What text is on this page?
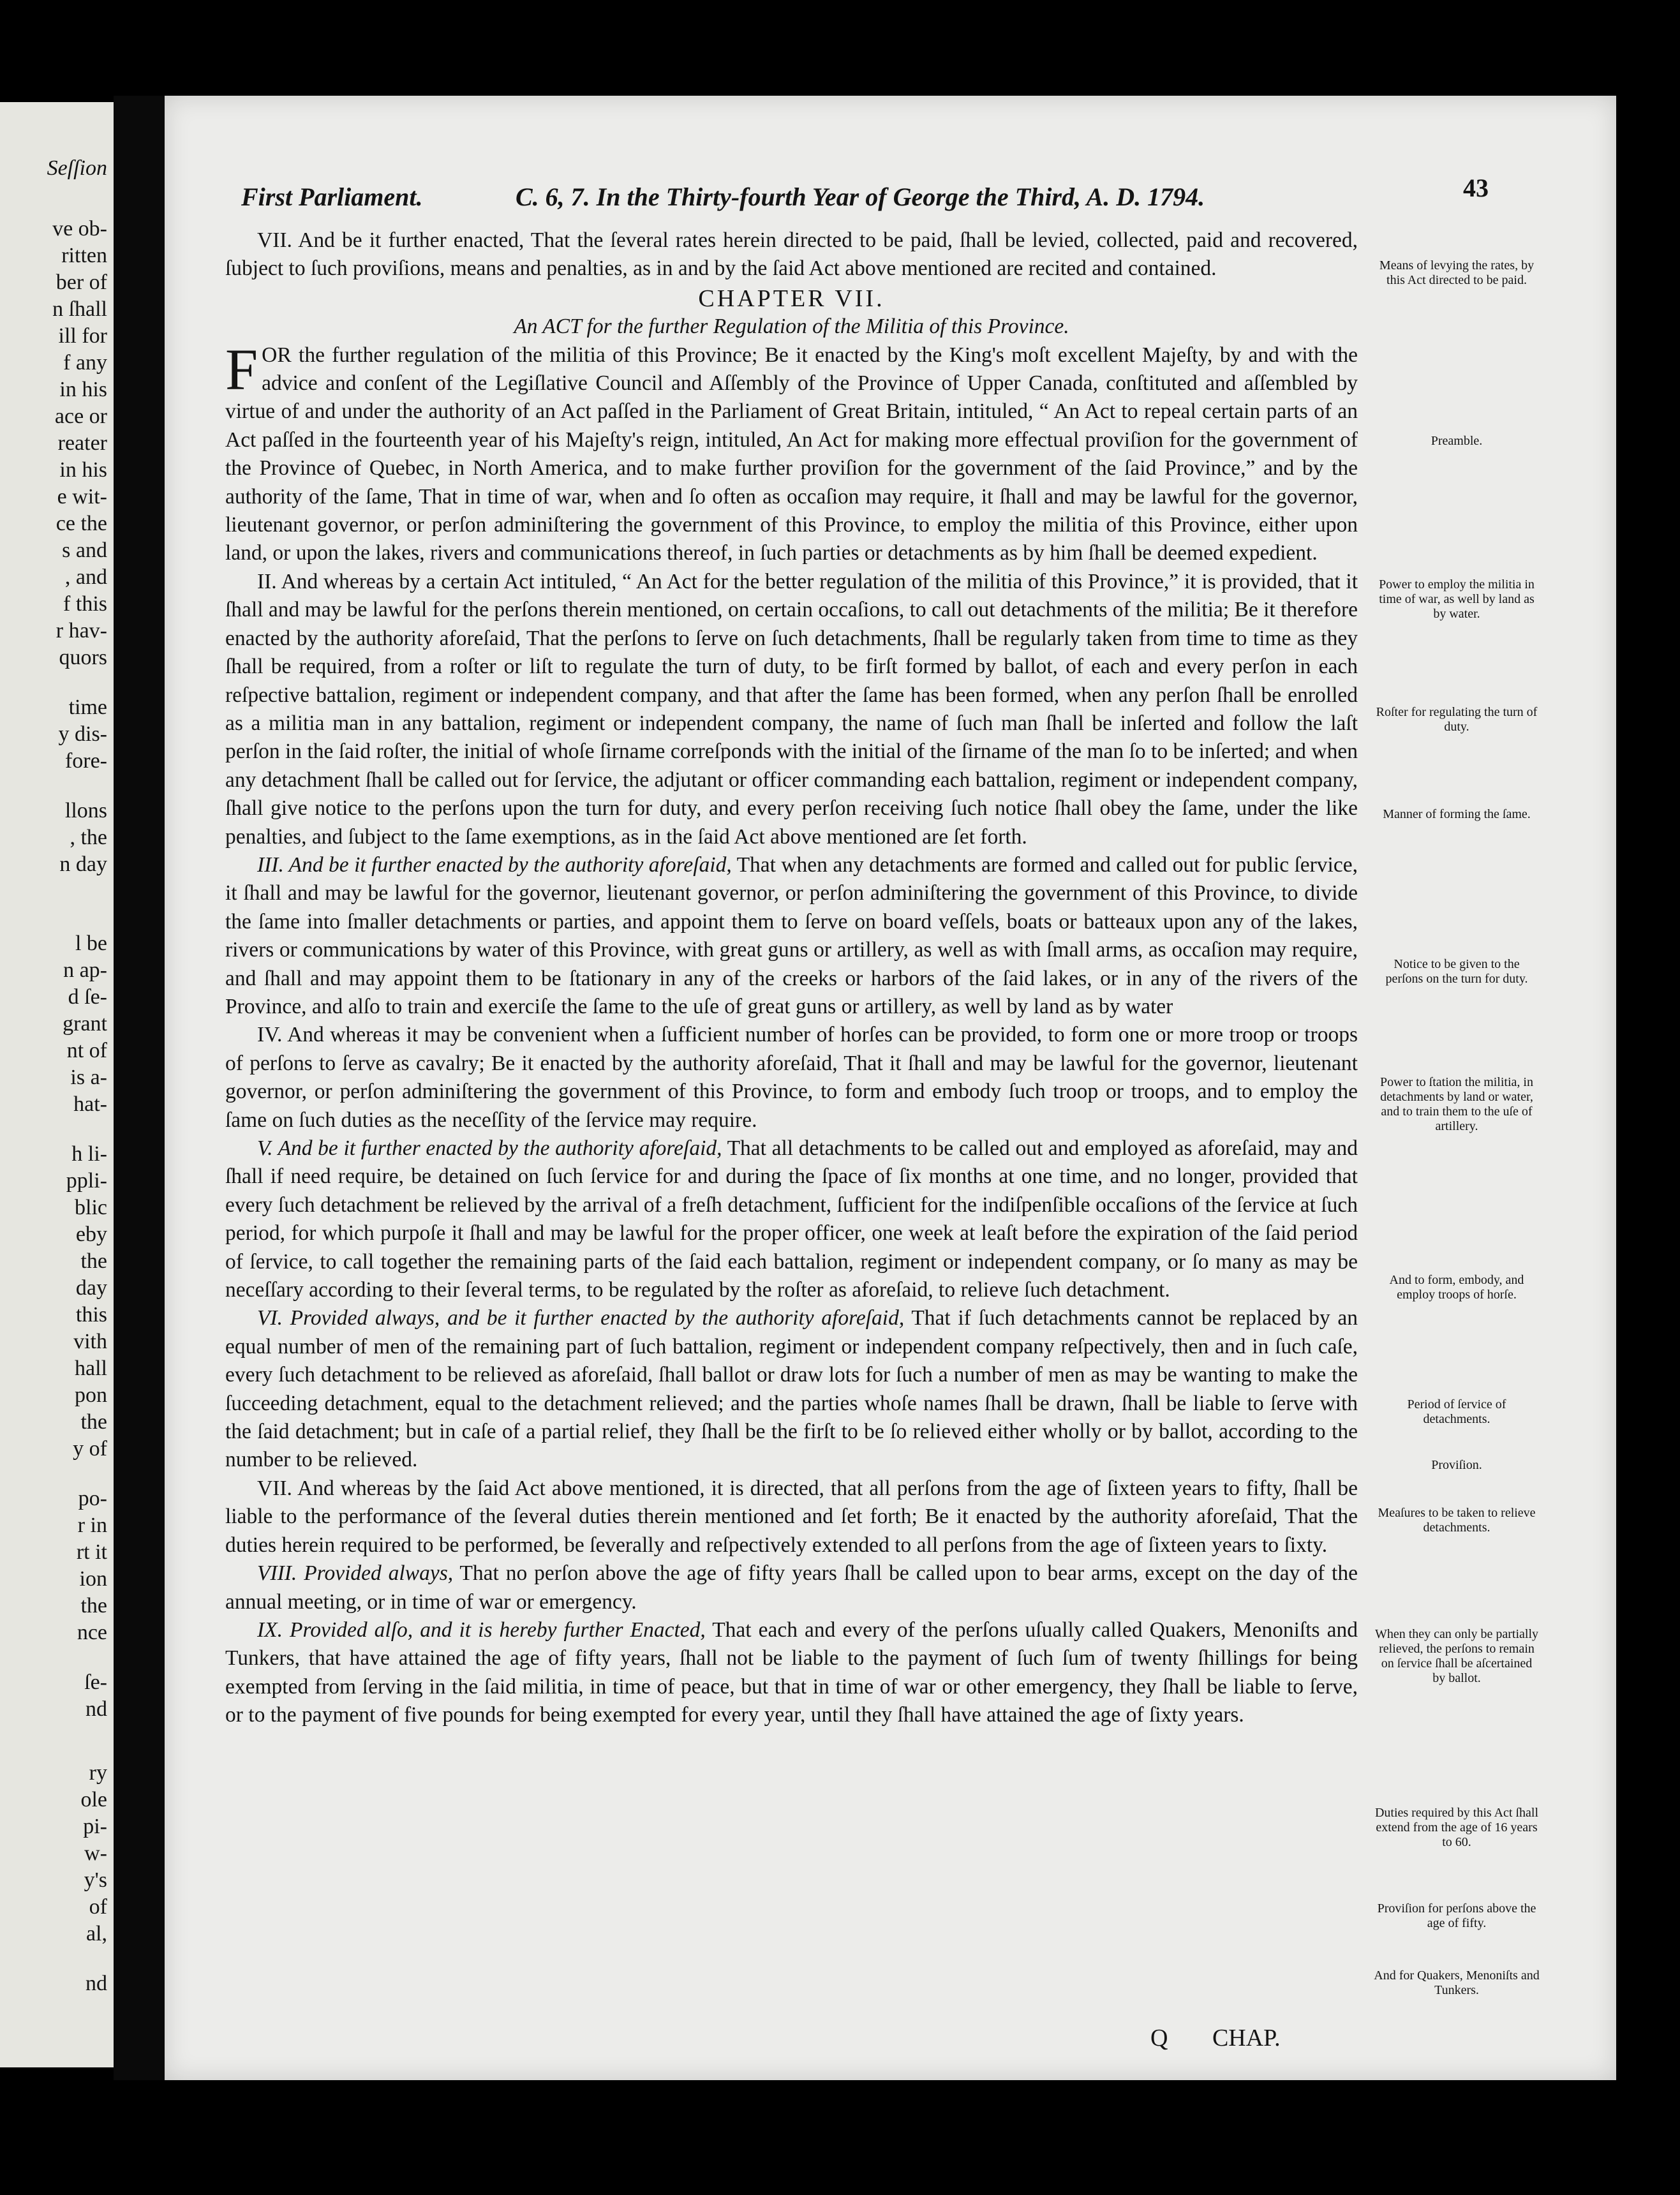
Seſſion
ve ob-
ritten
ber of
n ſhall
ill for
f any
in his
ace or
reater
in his
e wit-
ce the
s and
, and
f this
r hav-
quors
time
y dis-
fore-
llons
, the
n day
l be
n ap-
d ſe-
grant
nt of
is a-
hat-
h li-
ppli-
blic
eby
the
day
this
vith
hall
pon
the
y of
po-
r in
rt it
ion
the
nce
ſe-
nd
ry
ole
pi-
w-
y's
of
al,
nd
First Parliament.	C. 6, 7. In the Thirty-fourth Year of George the Third, A. D. 1794.	43

VII. And be it further enacted, That the ſeveral rates herein directed to be paid, ſhall be levied, collected, paid and recovered, ſubject to ſuch proviſions, means and penalties, as in and by the ſaid Act above mentioned are recited and contained.

CHAPTER VII.

An ACT for the further Regulation of the Militia of this Province.

FOR the further regulation of the militia of this Province; Be it enacted by the King's moſt excellent Majeſty, by and with the advice and conſent of the Legiſlative Council and Aſſembly of the Province of Upper Canada, conſtituted and aſſembled by virtue of and under the authority of an Act paſſed in the Parliament of Great Britain, intituled, “ An Act to repeal certain parts of an Act paſſed in the fourteenth year of his Majeſty's reign, intituled, An Act for making more effectual proviſion for the government of the Province of Quebec, in North America, and to make further proviſion for the government of the ſaid Province,” and by the authority of the ſame, That in time of war, when and ſo often as occaſion may require, it ſhall and may be lawful for the governor, lieutenant governor, or perſon adminiſtering the government of this Province, to employ the militia of this Province, either upon land, or upon the lakes, rivers and communications thereof, in ſuch parties or detachments as by him ſhall be deemed expedient.

II. And whereas by a certain Act intituled, “ An Act for the better regulation of the militia of this Province,” it is provided, that it ſhall and may be lawful for the perſons therein mentioned, on certain occaſions, to call out detachments of the militia; Be it therefore enacted by the authority aforeſaid, That the perſons to ſerve on ſuch detachments, ſhall be regularly taken from time to time as they ſhall be required, from a roſter or liſt to regulate the turn of duty, to be firſt formed by ballot, of each and every perſon in each reſpective battalion, regiment or independent company, and that after the ſame has been formed, when any perſon ſhall be enrolled as a militia man in any battalion, regiment or independent company, the name of ſuch man ſhall be inſerted and follow the laſt perſon in the ſaid roſter, the initial of whoſe ſirname correſponds with the initial of the ſirname of the man ſo to be inſerted; and when any detachment ſhall be called out for ſervice, the adjutant or officer commanding each battalion, regiment or independent company, ſhall give notice to the perſons upon the turn for duty, and every perſon receiving ſuch notice ſhall obey the ſame, under the like penalties, and ſubject to the ſame exemptions, as in the ſaid Act above mentioned are ſet forth.

III. And be it further enacted by the authority aforeſaid, That when any detachments are formed and called out for public ſervice, it ſhall and may be lawful for the governor, lieutenant governor, or perſon adminiſtering the government of this Province, to divide the ſame into ſmaller detachments or parties, and appoint them to ſerve on board veſſels, boats or batteaux upon any of the lakes, rivers or communications by water of this Province, with great guns or artillery, as well as with ſmall arms, as occaſion may require, and ſhall and may appoint them to be ſtationary in any of the creeks or harbors of the ſaid lakes, or in any of the rivers of the Province, and alſo to train and exerciſe the ſame to the uſe of great guns or artillery, as well by land as by water

IV. And whereas it may be convenient when a ſufficient number of horſes can be provided, to form one or more troop or troops of perſons to ſerve as cavalry; Be it enacted by the authority aforeſaid, That it ſhall and may be lawful for the governor, lieutenant governor, or perſon adminiſtering the government of this Province, to form and embody ſuch troop or troops, and to employ the ſame on ſuch duties as the neceſſity of the ſervice may require.

V. And be it further enacted by the authority aforeſaid, That all detachments to be called out and employed as aforeſaid, may and ſhall if need require, be detained on ſuch ſervice for and during the ſpace of ſix months at one time, and no longer, provided that every ſuch detachment be relieved by the arrival of a freſh detachment, ſufficient for the indiſpenſible occaſions of the ſervice at ſuch period, for which purpoſe it ſhall and may be lawful for the proper officer, one week at leaſt before the expiration of the ſaid period of ſervice, to call together the remaining parts of the ſaid each battalion, regiment or independent company, or ſo many as may be neceſſary according to their ſeveral terms, to be regulated by the roſter as aforeſaid, to relieve ſuch detachment.

VI. Provided always, and be it further enacted by the authority aforeſaid, That if ſuch detachments cannot be replaced by an equal number of men of the remaining part of ſuch battalion, regiment or independent company reſpectively, then and in ſuch caſe, every ſuch detachment to be relieved as aforeſaid, ſhall ballot or draw lots for ſuch a number of men as may be wanting to make the ſucceeding detachment, equal to the detachment relieved; and the parties whoſe names ſhall be drawn, ſhall be liable to ſerve with the ſaid detachment; but in caſe of a partial relief, they ſhall be the firſt to be ſo relieved either wholly or by ballot, according to the number to be relieved.

VII. And whereas by the ſaid Act above mentioned, it is directed, that all perſons from the age of ſixteen years to fifty, ſhall be liable to the performance of the ſeveral duties therein mentioned and ſet forth; Be it enacted by the authority aforeſaid, That the duties herein required to be performed, be ſeverally and reſpectively extended to all perſons from the age of ſixteen years to ſixty.

VIII. Provided always, That no perſon above the age of fifty years ſhall be called upon to bear arms, except on the day of the annual meeting, or in time of war or emergency.

IX. Provided alſo, and it is hereby further Enacted, That each and every of the perſons uſually called Quakers, Menoniſts and Tunkers, that have attained the age of fifty years, ſhall not be liable to the payment of ſuch ſum of twenty ſhillings for being exempted from ſerving in the ſaid militia, in time of peace, but that in time of war or other emergency, they ſhall be liable to ſerve, or to the payment of five pounds for being exempted for every year, until they ſhall have attained the age of ſixty years.

Means of levying the rates, by this Act directed to be paid.
Preamble.
Power to employ the militia in time of war, as well by land as by water.
Roſter for regulating the turn of duty.
Manner of forming the ſame.
Notice to be given to the perſons on the turn for duty.
Power to ſtation the militia, in detachments by land or water, and to train them to the uſe of artillery.
And to form, embody, and employ troops of horſe.
Period of ſervice of detachments.
Proviſion.
Meaſures to be taken to relieve detachments.
When they can only be partially relieved, the perſons to remain on ſervice ſhall be aſcertained by ballot.
Duties required by this Act ſhall extend from the age of 16 years to 60.
Proviſion for perſons above the age of fifty.
And for Quakers, Menoniſts and Tunkers.
Q CHAP.
